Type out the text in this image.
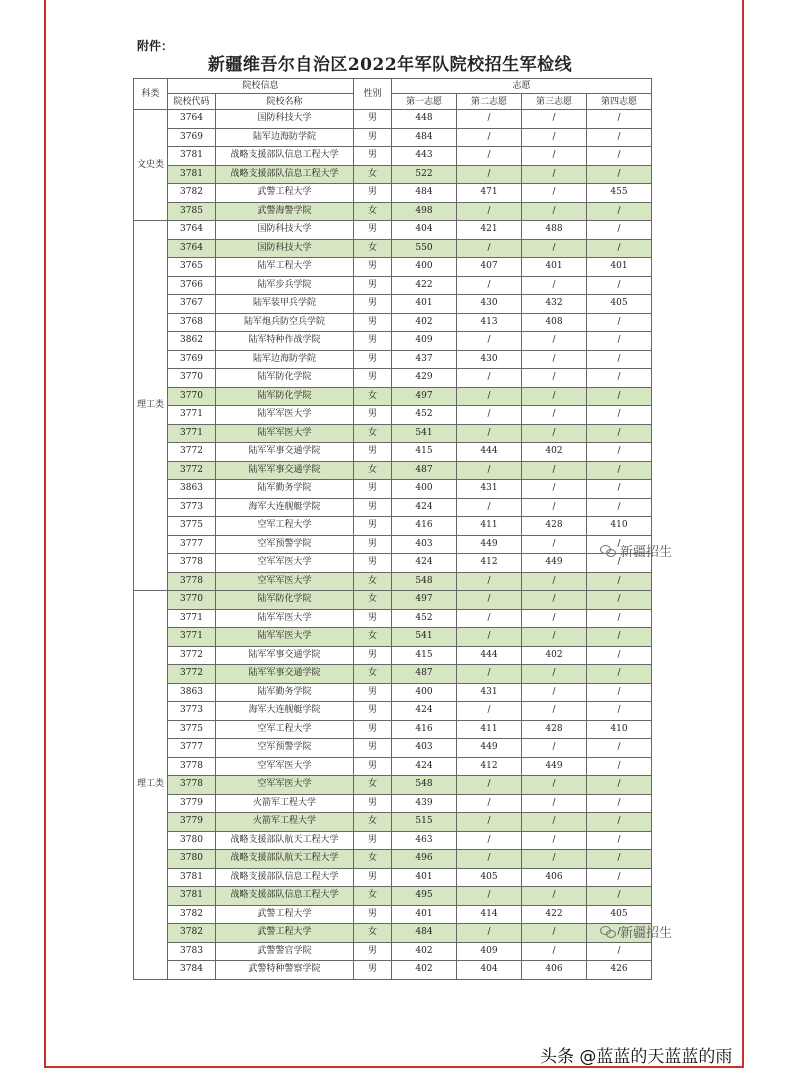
附件：
新疆维吾尔自治区2022年军队院校招生军检线
科类	院校信息		性别	志愿			
	院校代码	院校名称		第一志愿	第二志愿	第三志愿	第四志愿
文史类	3764	国防科技大学	男	448	/	/	/
	3769	陆军边海防学院	男	484	/	/	/
	3781	战略支援部队信息工程大学	男	443	/	/	/
	3781	战略支援部队信息工程大学	女	522	/	/	/
	3782	武警工程大学	男	484	471	/	455
	3785	武警海警学院	女	498	/	/	/
理工类	3764	国防科技大学	男	404	421	488	/
	3764	国防科技大学	女	550	/	/	/
	3765	陆军工程大学	男	400	407	401	401
	3766	陆军步兵学院	男	422	/	/	/
	3767	陆军装甲兵学院	男	401	430	432	405
	3768	陆军炮兵防空兵学院	男	402	413	408	/
	3862	陆军特种作战学院	男	409	/	/	/
	3769	陆军边海防学院	男	437	430	/	/
	3770	陆军防化学院	男	429	/	/	/
	3770	陆军防化学院	女	497	/	/	/
	3771	陆军军医大学	男	452	/	/	/
	3771	陆军军医大学	女	541	/	/	/
	3772	陆军军事交通学院	男	415	444	402	/
	3772	陆军军事交通学院	女	487	/	/	/
	3863	陆军勤务学院	男	400	431	/	/
	3773	海军大连舰艇学院	男	424	/	/	/
	3775	空军工程大学	男	416	411	428	410
	3777	空军预警学院	男	403	449	/	/
	3778	空军军医大学	男	424	412	449	/
	3778	空军军医大学	女	548	/	/	/
理工类	3770	陆军防化学院	女	497	/	/	/
	3771	陆军军医大学	男	452	/	/	/
	3771	陆军军医大学	女	541	/	/	/
	3772	陆军军事交通学院	男	415	444	402	/
	3772	陆军军事交通学院	女	487	/	/	/
	3863	陆军勤务学院	男	400	431	/	/
	3773	海军大连舰艇学院	男	424	/	/	/
	3775	空军工程大学	男	416	411	428	410
	3777	空军预警学院	男	403	449	/	/
	3778	空军军医大学	男	424	412	449	/
	3778	空军军医大学	女	548	/	/	/
	3779	火箭军工程大学	男	439	/	/	/
	3779	火箭军工程大学	女	515	/	/	/
	3780	战略支援部队航天工程大学	男	463	/	/	/
	3780	战略支援部队航天工程大学	女	496	/	/	/
	3781	战略支援部队信息工程大学	男	401	405	406	/
	3781	战略支援部队信息工程大学	女	495	/	/	/
	3782	武警工程大学	男	401	414	422	405
	3782	武警工程大学	女	484	/	/	/
	3783	武警警官学院	男	402	409	/	/
	3784	武警特种警察学院	男	402	404	406	426
新疆招生
新疆招生
头条 @蓝蓝的天蓝蓝的雨
